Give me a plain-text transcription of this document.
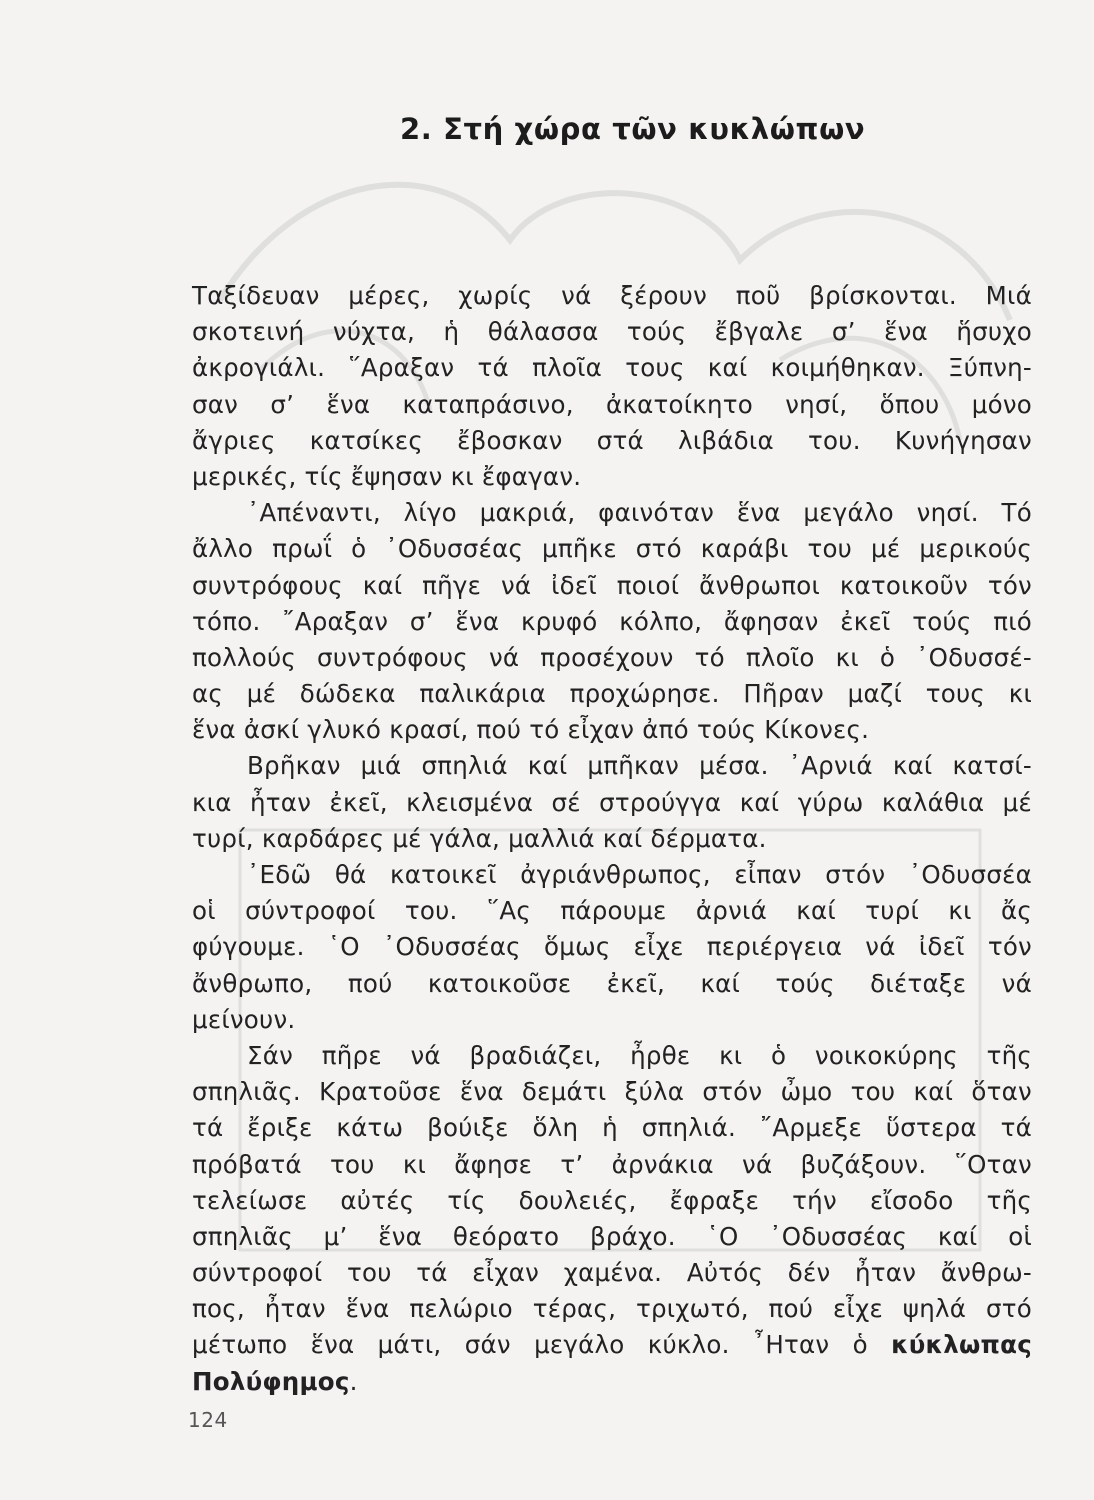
2. Στή χώρα τῶν κυκλώπων
Ταξίδευαν μέρες, χωρίς νά ξέρουν ποῦ βρίσκονται. Μιά
σκοτεινή νύχτα, ἡ θάλασσα τούς ἔβγαλε σ’ ἕνα ἥσυχο
ἀκρογιάλι. ῞Αραξαν τά πλοῖα τους καί κοιμήθηκαν. Ξύπνη-
σαν σ’ ἕνα καταπράσινο, ἀκατοίκητο νησί, ὅπου μόνο
ἄγριες κατσίκες ἔβοσκαν στά λιβάδια του. Κυνήγησαν
μερικές, τίς ἔψησαν κι ἔφαγαν.
᾿Απέναντι, λίγο μακριά, φαινόταν ἕνα μεγάλο νησί. Τό
ἄλλο πρωΐ ὁ ᾿Οδυσσέας μπῆκε στό καράβι του μέ μερικούς
συντρόφους καί πῆγε νά ἰδεῖ ποιοί ἄνθρωποι κατοικοῦν τόν
τόπο. ῎Αραξαν σ’ ἕνα κρυφό κόλπο, ἄφησαν ἐκεῖ τούς πιό
πολλούς συντρόφους νά προσέχουν τό πλοῖο κι ὁ ᾿Οδυσσέ-
ας μέ δώδεκα παλικάρια προχώρησε. Πῆραν μαζί τους κι
ἕνα ἀσκί γλυκό κρασί, πού τό εἶχαν ἀπό τούς Κίκονες.
Βρῆκαν μιά σπηλιά καί μπῆκαν μέσα. ᾿Αρνιά καί κατσί-
κια ἦταν ἐκεῖ, κλεισμένα σέ στρούγγα καί γύρω καλάθια μέ
τυρί, καρδάρες μέ γάλα, μαλλιά καί δέρματα.
᾿Εδῶ θά κατοικεῖ ἀγριάνθρωπος, εἶπαν στόν ᾿Οδυσσέα
οἱ σύντροφοί του. ῞Ας πάρουμε ἀρνιά καί τυρί κι ἄς
φύγουμε. ῾Ο ᾿Οδυσσέας ὅμως εἶχε περιέργεια νά ἰδεῖ τόν
ἄνθρωπο, πού κατοικοῦσε ἐκεῖ, καί τούς διέταξε νά
μείνουν.
Σάν πῆρε νά βραδιάζει, ἦρθε κι ὁ νοικοκύρης τῆς
σπηλιᾶς. Κρατοῦσε ἕνα δεμάτι ξύλα στόν ὦμο του καί ὅταν
τά ἔριξε κάτω βούιξε ὅλη ἡ σπηλιά. ῎Αρμεξε ὕστερα τά
πρόβατά του κι ἄφησε τ’ ἀρνάκια νά βυζάξουν. ῞Οταν
τελείωσε αὐτές τίς δουλειές, ἔφραξε τήν εἴσοδο τῆς
σπηλιᾶς μ’ ἕνα θεόρατο βράχο. ῾Ο ᾿Οδυσσέας καί οἱ
σύντροφοί του τά εἶχαν χαμένα. Αὐτός δέν ἦταν ἄνθρω-
πος, ἦταν ἕνα πελώριο τέρας, τριχωτό, πού εἶχε ψηλά στό
μέτωπο ἕνα μάτι, σάν μεγάλο κύκλο. ῏Ηταν ὁ κύκλωπας
Πολύφημος.
124
